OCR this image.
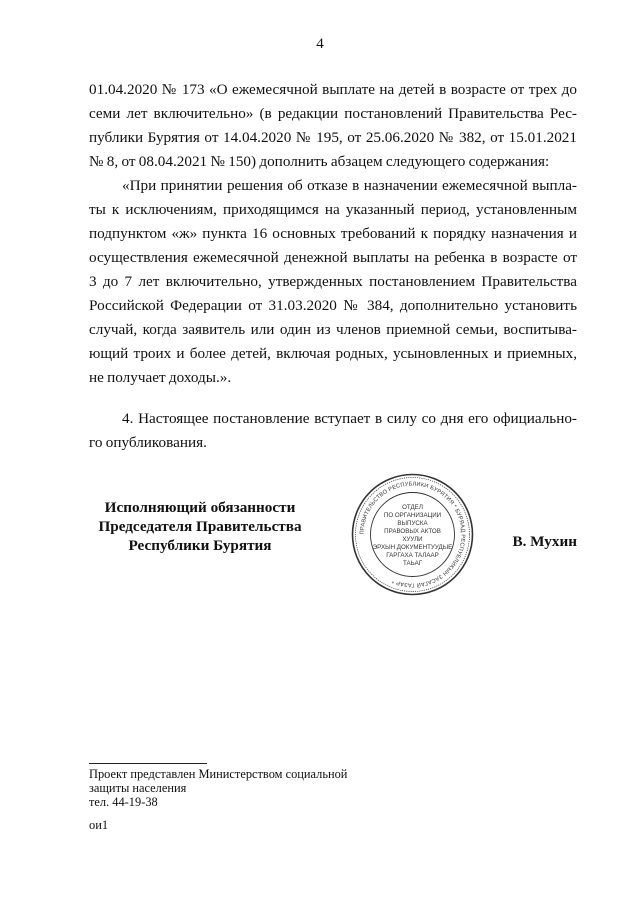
4
01.04.2020 № 173 «О ежемесячной выплате на детей в возрасте от трех до
семи лет включительно» (в редакции постановлений Правительства Рес-
публики Бурятия от 14.04.2020 № 195, от 25.06.2020 № 382, от 15.01.2021
№ 8, от 08.04.2021 № 150) дополнить абзацем следующего содержания:
«При принятии решения об отказе в назначении ежемесячной выпла-
ты к исключениям, приходящимся на указанный период, установленным
подпунктом «ж» пункта 16 основных требований к порядку назначения и
осуществления ежемесячной денежной выплаты на ребенка в возрасте от
3 до 7 лет включительно, утвержденных постановлением Правительства
Российской Федерации от 31.03.2020 № 384, дополнительно установить
случай, когда заявитель или один из членов приемной семьи, воспитыва-
ющий троих и более детей, включая родных, усыновленных и приемных,
не получает доходы.».
4. Настоящее постановление вступает в силу со дня его официально-
го опубликования.
Исполняющий обязанности
Председателя Правительства
Республики Бурятия
ПРАВИТЕЛЬСТВО РЕСПУБЛИКИ БУРЯТИЯ * БУРЯАД РЕСПУБЛИКЫН ЗАСАГАЙ ГАЗАР *
ОТДЕЛ
ПО ОРГАНИЗАЦИИ
ВЫПУСКА
ПРАВОВЫХ АКТОВ
ХУУЛИ
ЭРХЫН ДОКУМЕНТУУДЫЕ
ГАРГАХА ТАЛААР
ТАЬАГ
В. Мухин
Проект представлен Министерством социальной
защиты населения
тел. 44-19-38
ои1
